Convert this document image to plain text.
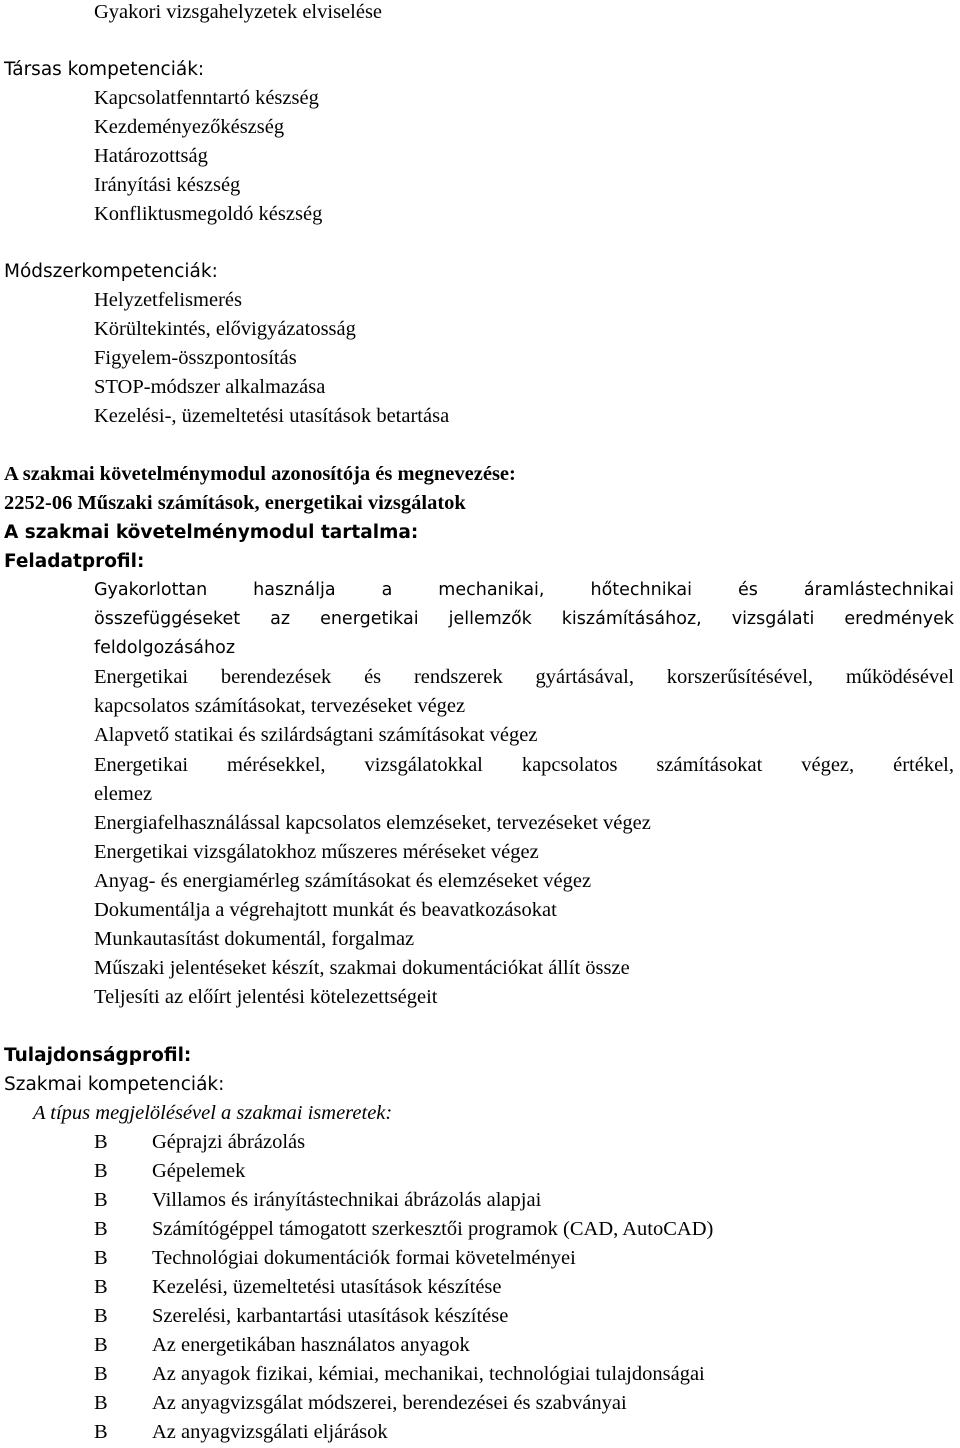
Gyakori vizsgahelyzetek elviselése
Társas kompetenciák:
Kapcsolatfenntartó készség
Kezdeményezőkészség
Határozottság
Irányítási készség
Konfliktusmegoldó készség
Módszerkompetenciák:
Helyzetfelismerés
Körültekintés, elővigyázatosság
Figyelem-összpontosítás
STOP-módszer alkalmazása
Kezelési-, üzemeltetési utasítások betartása
A szakmai követelménymodul azonosítója és megnevezése:
2252-06 Műszaki számítások, energetikai vizsgálatok
A szakmai követelménymodul tartalma:
Feladatprofil:
Gyakorlottan használja a mechanikai, hőtechnikai és áramlástechnikai
összefüggéseket az energetikai jellemzők kiszámításához, vizsgálati eredmények
feldolgozásához
Energetikai berendezések és rendszerek gyártásával, korszerűsítésével, működésével
kapcsolatos számításokat, tervezéseket végez
Alapvető statikai és szilárdságtani számításokat végez
Energetikai mérésekkel, vizsgálatokkal kapcsolatos számításokat végez, értékel,
elemez
Energiafelhasználással kapcsolatos elemzéseket, tervezéseket végez
Energetikai vizsgálatokhoz műszeres méréseket végez
Anyag- és energiamérleg számításokat és elemzéseket végez
Dokumentálja a végrehajtott munkát és beavatkozásokat
Munkautasítást dokumentál, forgalmaz
Műszaki jelentéseket készít, szakmai dokumentációkat állít össze
Teljesíti az előírt jelentési kötelezettségeit
Tulajdonságprofil:
Szakmai kompetenciák:
A típus megjelölésével a szakmai ismeretek:
B Géprajzi ábrázolás
B Gépelemek
B Villamos és irányítástechnikai ábrázolás alapjai
B Számítógéppel támogatott szerkesztői programok (CAD, AutoCAD)
B Technológiai dokumentációk formai követelményei
B Kezelési, üzemeltetési utasítások készítése
B Szerelési, karbantartási utasítások készítése
B Az energetikában használatos anyagok
B Az anyagok fizikai, kémiai, mechanikai, technológiai tulajdonságai
B Az anyagvizsgálat módszerei, berendezései és szabványai
B Az anyagvizsgálati eljárások
